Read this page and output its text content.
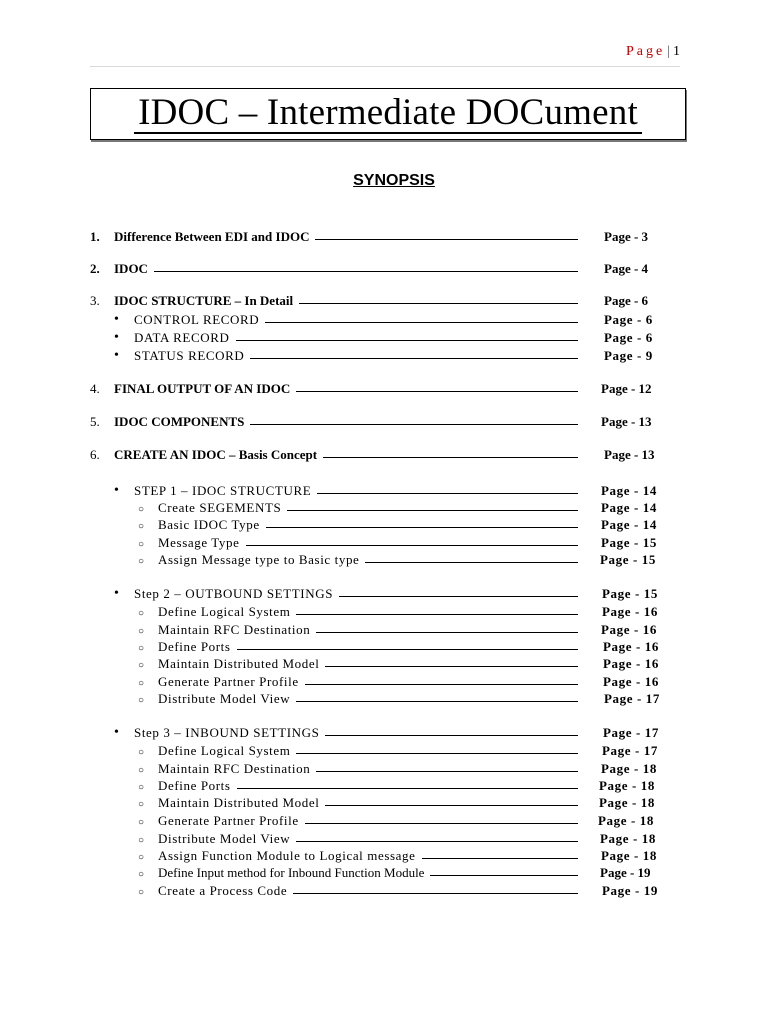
Page | 1
IDOC – Intermediate DOCument
SYNOPSIS
1.	Difference Between EDI and IDOC	Page - 3
2.	IDOC	Page - 4
3.	IDOC STRUCTURE – In Detail	Page - 6
•
CONTROL RECORD	Page - 6
•
DATA RECORD	Page - 6
•
STATUS RECORD	Page - 9
4.	FINAL OUTPUT OF AN IDOC	Page - 12
5.	IDOC COMPONENTS	Page - 13
6.	CREATE AN IDOC – Basis Concept	Page - 13
•
STEP 1 – IDOC STRUCTURE	Page - 14
○
Create SEGEMENTS	Page - 14
○
Basic IDOC Type	Page - 14
○
Message Type	Page - 15
○
Assign Message type to Basic type	Page - 15
•
Step 2 – OUTBOUND SETTINGS	Page - 15
○
Define Logical System	Page - 16
○
Maintain RFC Destination	Page - 16
○
Define Ports	Page - 16
○
Maintain Distributed Model	Page - 16
○
Generate Partner Profile	Page - 16
○
Distribute Model View	Page - 17
•
Step 3 – INBOUND SETTINGS	Page - 17
○
Define Logical System	Page - 17
○
Maintain RFC Destination	Page - 18
○
Define Ports	Page - 18
○
Maintain Distributed Model	Page - 18
○
Generate Partner Profile	Page - 18
○
Distribute Model View	Page - 18
○
Assign Function Module to Logical message	Page - 18
○
Define Input method for Inbound Function Module	Page - 19
○
Create a Process Code	Page - 19
